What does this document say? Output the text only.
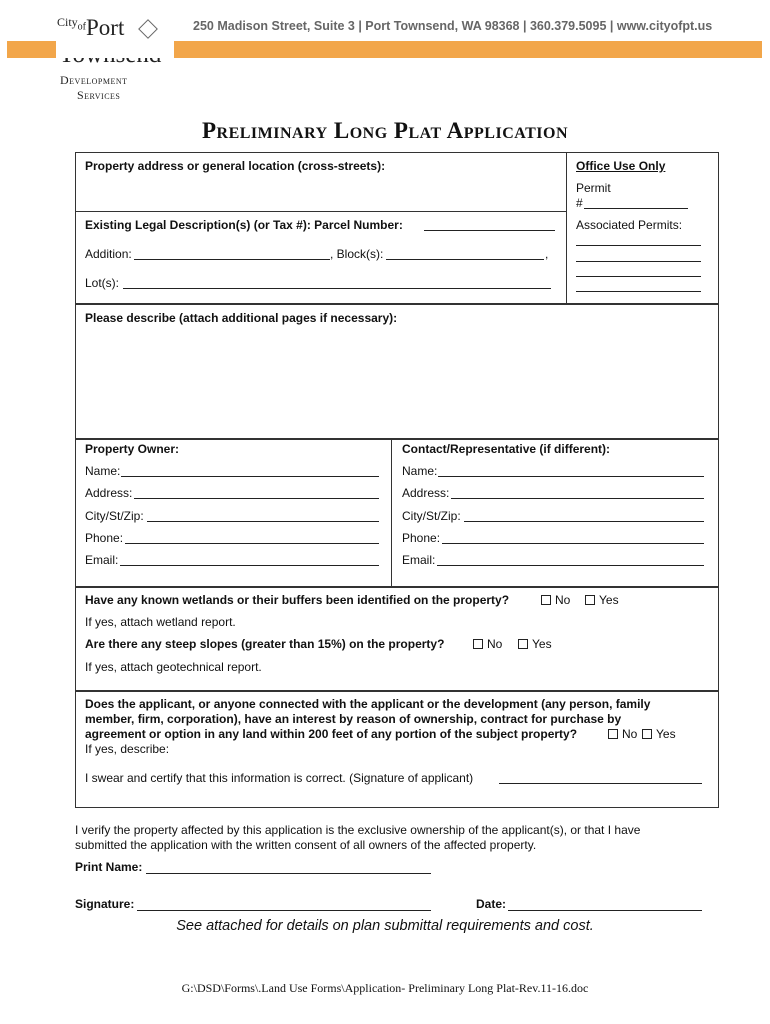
City$_{of}$ Port
Development
Services
250 Madison Street, Suite 3 | Port Townsend, WA 98368 | 360.379.5095 | www.cityofpt.us
Preliminary Long Plat Application
Property address or general location (cross-streets):
Existing Legal Description(s) (or Tax #): Parcel Number:
Addition:	, Block(s):	,
Lot(s):
Office Use Only
Permit
#
Associated Permits:
Please describe (attach additional pages if necessary):
Property Owner:
Name:
Address:
City/St/Zip:
Phone:
Email:
Contact/Representative (if different):
Name:
Address:
City/St/Zip:
Phone:
Email:
Have any known wetlands or their buffers been identified on the property?	No	Yes
If yes, attach wetland report.
Are there any steep slopes (greater than 15%) on the property?	No	Yes
If yes, attach geotechnical report.
Does the applicant, or anyone connected with the applicant or the development (any person, family
member, firm, corporation), have an interest by reason of ownership, contract for purchase by
agreement or option in any land within 200 feet of any portion of the subject property?	No	Yes
If yes, describe:
I swear and certify that this information is correct. (Signature of applicant)
I verify the property affected by this application is the exclusive ownership of the applicant(s), or that I have
submitted the application with the written consent of all owners of the affected property.
Print Name:
Signature:	Date:
See attached for details on plan submittal requirements and cost.
G:\DSD\Forms\.Land Use Forms\Application- Preliminary Long Plat-Rev.11-16.doc
